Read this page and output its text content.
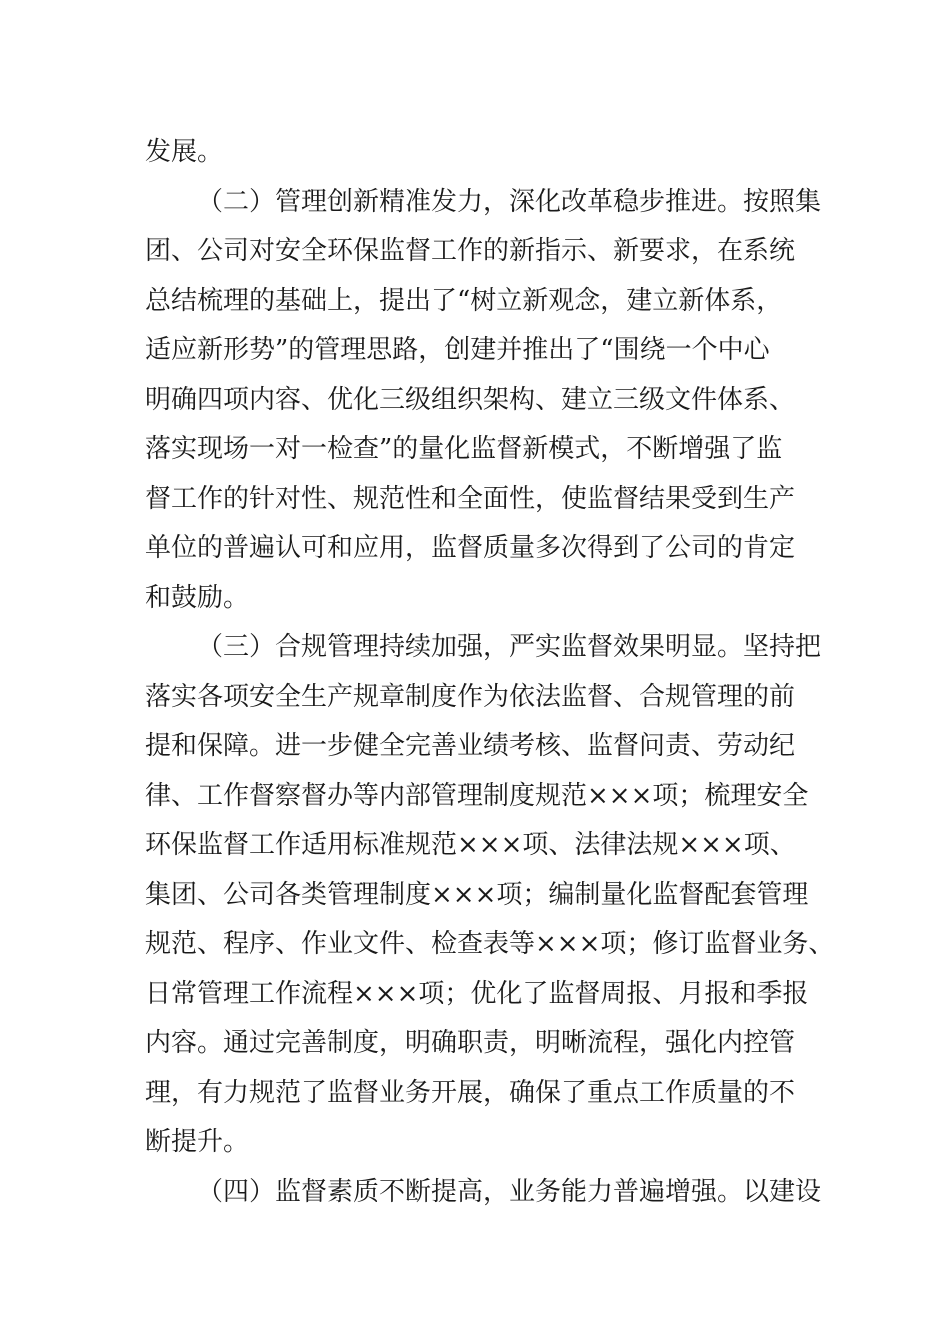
发展。
（二）管理创新精准发力，深化改革稳步推进。按照集
团、公司对安全环保监督工作的新指示、新要求，在系统
总结梳理的基础上，提出了“树立新观念，建立新体系，
适应新形势”的管理思路，创建并推出了“围绕一个中心
明确四项内容、优化三级组织架构、建立三级文件体系、
落实现场一对一检查”的量化监督新模式，不断增强了监
督工作的针对性、规范性和全面性，使监督结果受到生产
单位的普遍认可和应用，监督质量多次得到了公司的肯定
和鼓励。
（三）合规管理持续加强，严实监督效果明显。坚持把
落实各项安全生产规章制度作为依法监督、合规管理的前
提和保障。进一步健全完善业绩考核、监督问责、劳动纪
律、工作督察督办等内部管理制度规范×××项；梳理安全
环保监督工作适用标准规范×××项、法律法规×××项、
集团、公司各类管理制度×××项；编制量化监督配套管理
规范、程序、作业文件、检查表等×××项；修订监督业务、
日常管理工作流程×××项；优化了监督周报、月报和季报
内容。通过完善制度，明确职责，明晰流程，强化内控管
理，有力规范了监督业务开展，确保了重点工作质量的不
断提升。
（四）监督素质不断提高，业务能力普遍增强。以建设
